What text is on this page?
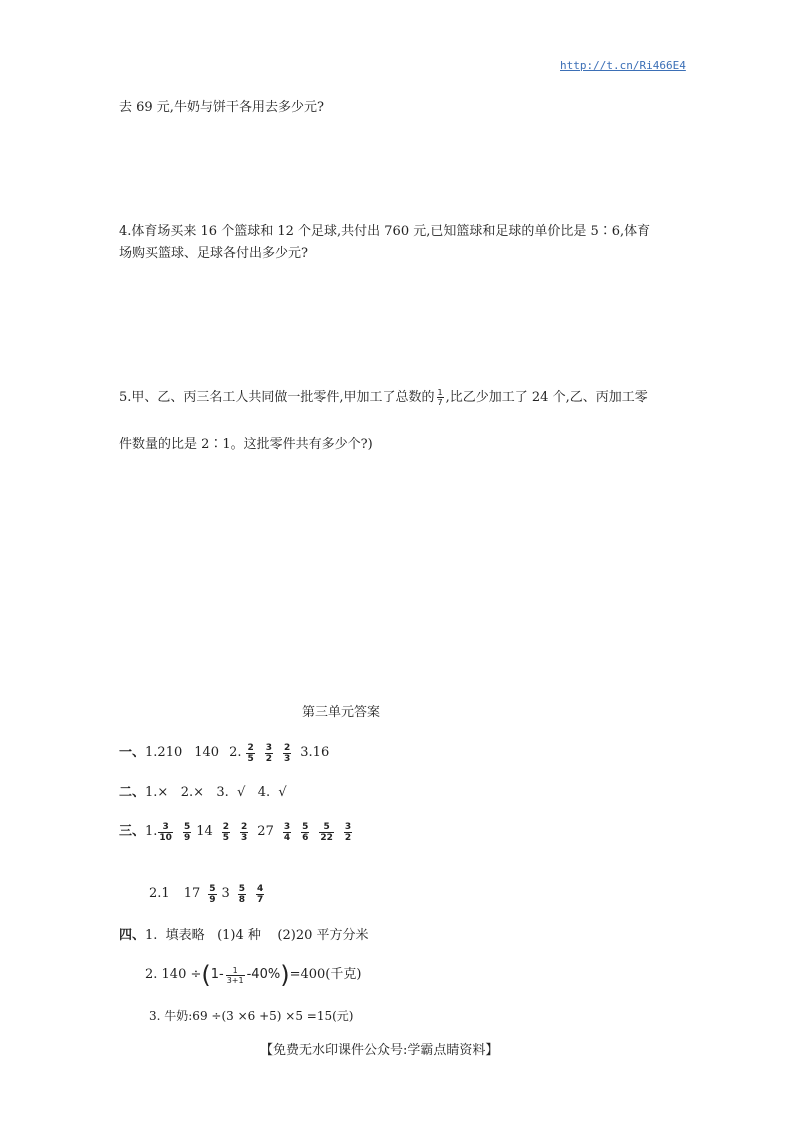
http://t.cn/Ri466E4
去 69 元,牛奶与饼干各用去多少元?
4.体育场买来 16 个篮球和 12 个足球,共付出 760 元,已知篮球和足球的单价比是 5∶6,体育
场购买篮球、足球各付出多少元?
5.甲、乙、丙三名工人共同做一批零件,甲加工了总数的 $\frac{1}{7}$ ,比乙少加工了 24 个,乙、丙加工零
件数量的比是 2∶1。这批零件共有多少个?)
第三单元答案
一、 1.210 140 2. $\frac{2}{5} \frac{3}{2} \frac{2}{3} 3.16$
二、1.×   2.×   3.  √   4.  √
三、 1. $\frac{3}{10} \frac{5}{9} 14 \frac{2}{5} \frac{2}{3} 27 \frac{3}{4} \frac{5}{6} \frac{5}{22} \frac{3}{2}$
2.1 $17 \frac{5}{9} 3 \frac{5}{8} \frac{4}{7}$
四、1.  填表略   (1)4 种    (2)20 平方分米
2. 140 ÷ ( $1- \frac{1}{3+1} -40\%$ ) =400(千克)
3. 牛奶:69 ÷(3 ×6 +5) ×5 =15(元)
【免费无水印课件公众号:学霸点睛资料】
